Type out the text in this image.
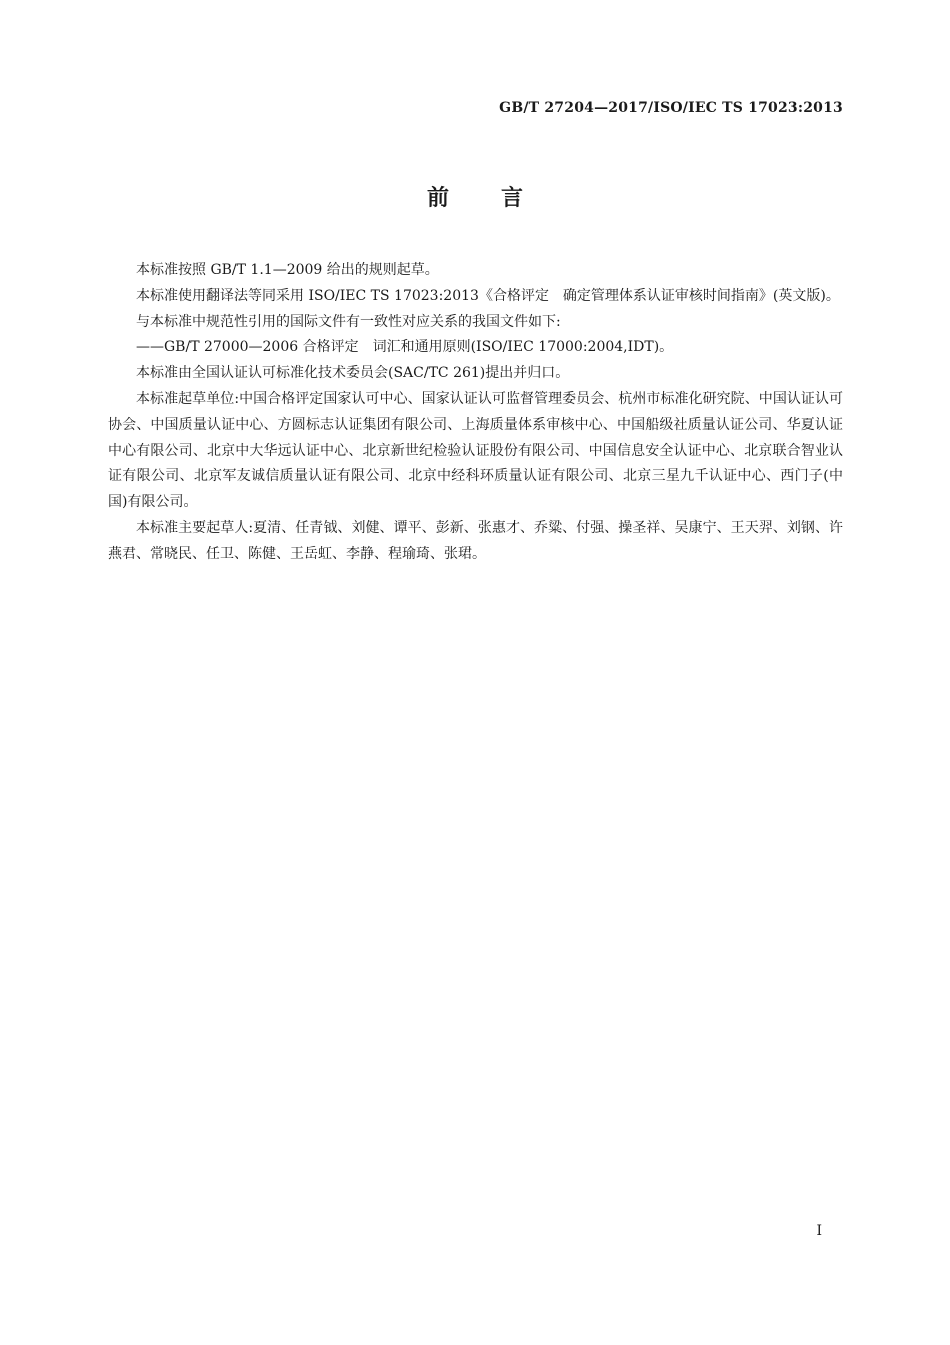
GB/T 27204—2017/ISO/IEC TS 17023:2013
前言

本标准按照 GB/T 1.1—2009 给出的规则起草。

本标准使用翻译法等同采用 ISO/IEC TS 17023:2013《合格评定　确定管理体系认证审核时间指南》(英文版)。

与本标准中规范性引用的国际文件有一致性对应关系的我国文件如下:

——GB/T 27000—2006 合格评定　词汇和通用原则(ISO/IEC 17000:2004,IDT)。

本标准由全国认证认可标准化技术委员会(SAC/TC 261)提出并归口。

本标准起草单位:中国合格评定国家认可中心、国家认证认可监督管理委员会、杭州市标准化研究院、中国认证认可协会、中国质量认证中心、方圆标志认证集团有限公司、上海质量体系审核中心、中国船级社质量认证公司、华夏认证中心有限公司、北京中大华远认证中心、北京新世纪检验认证股份有限公司、中国信息安全认证中心、北京联合智业认证有限公司、北京军友诚信质量认证有限公司、北京中经科环质量认证有限公司、北京三星九千认证中心、西门子(中国)有限公司。

本标准主要起草人:夏清、任青钺、刘健、谭平、彭新、张惠才、乔粱、付强、操圣祥、吴康宁、王天羿、刘钢、许燕君、常晓民、任卫、陈健、王岳虹、李静、程瑜琦、张珺。

I
